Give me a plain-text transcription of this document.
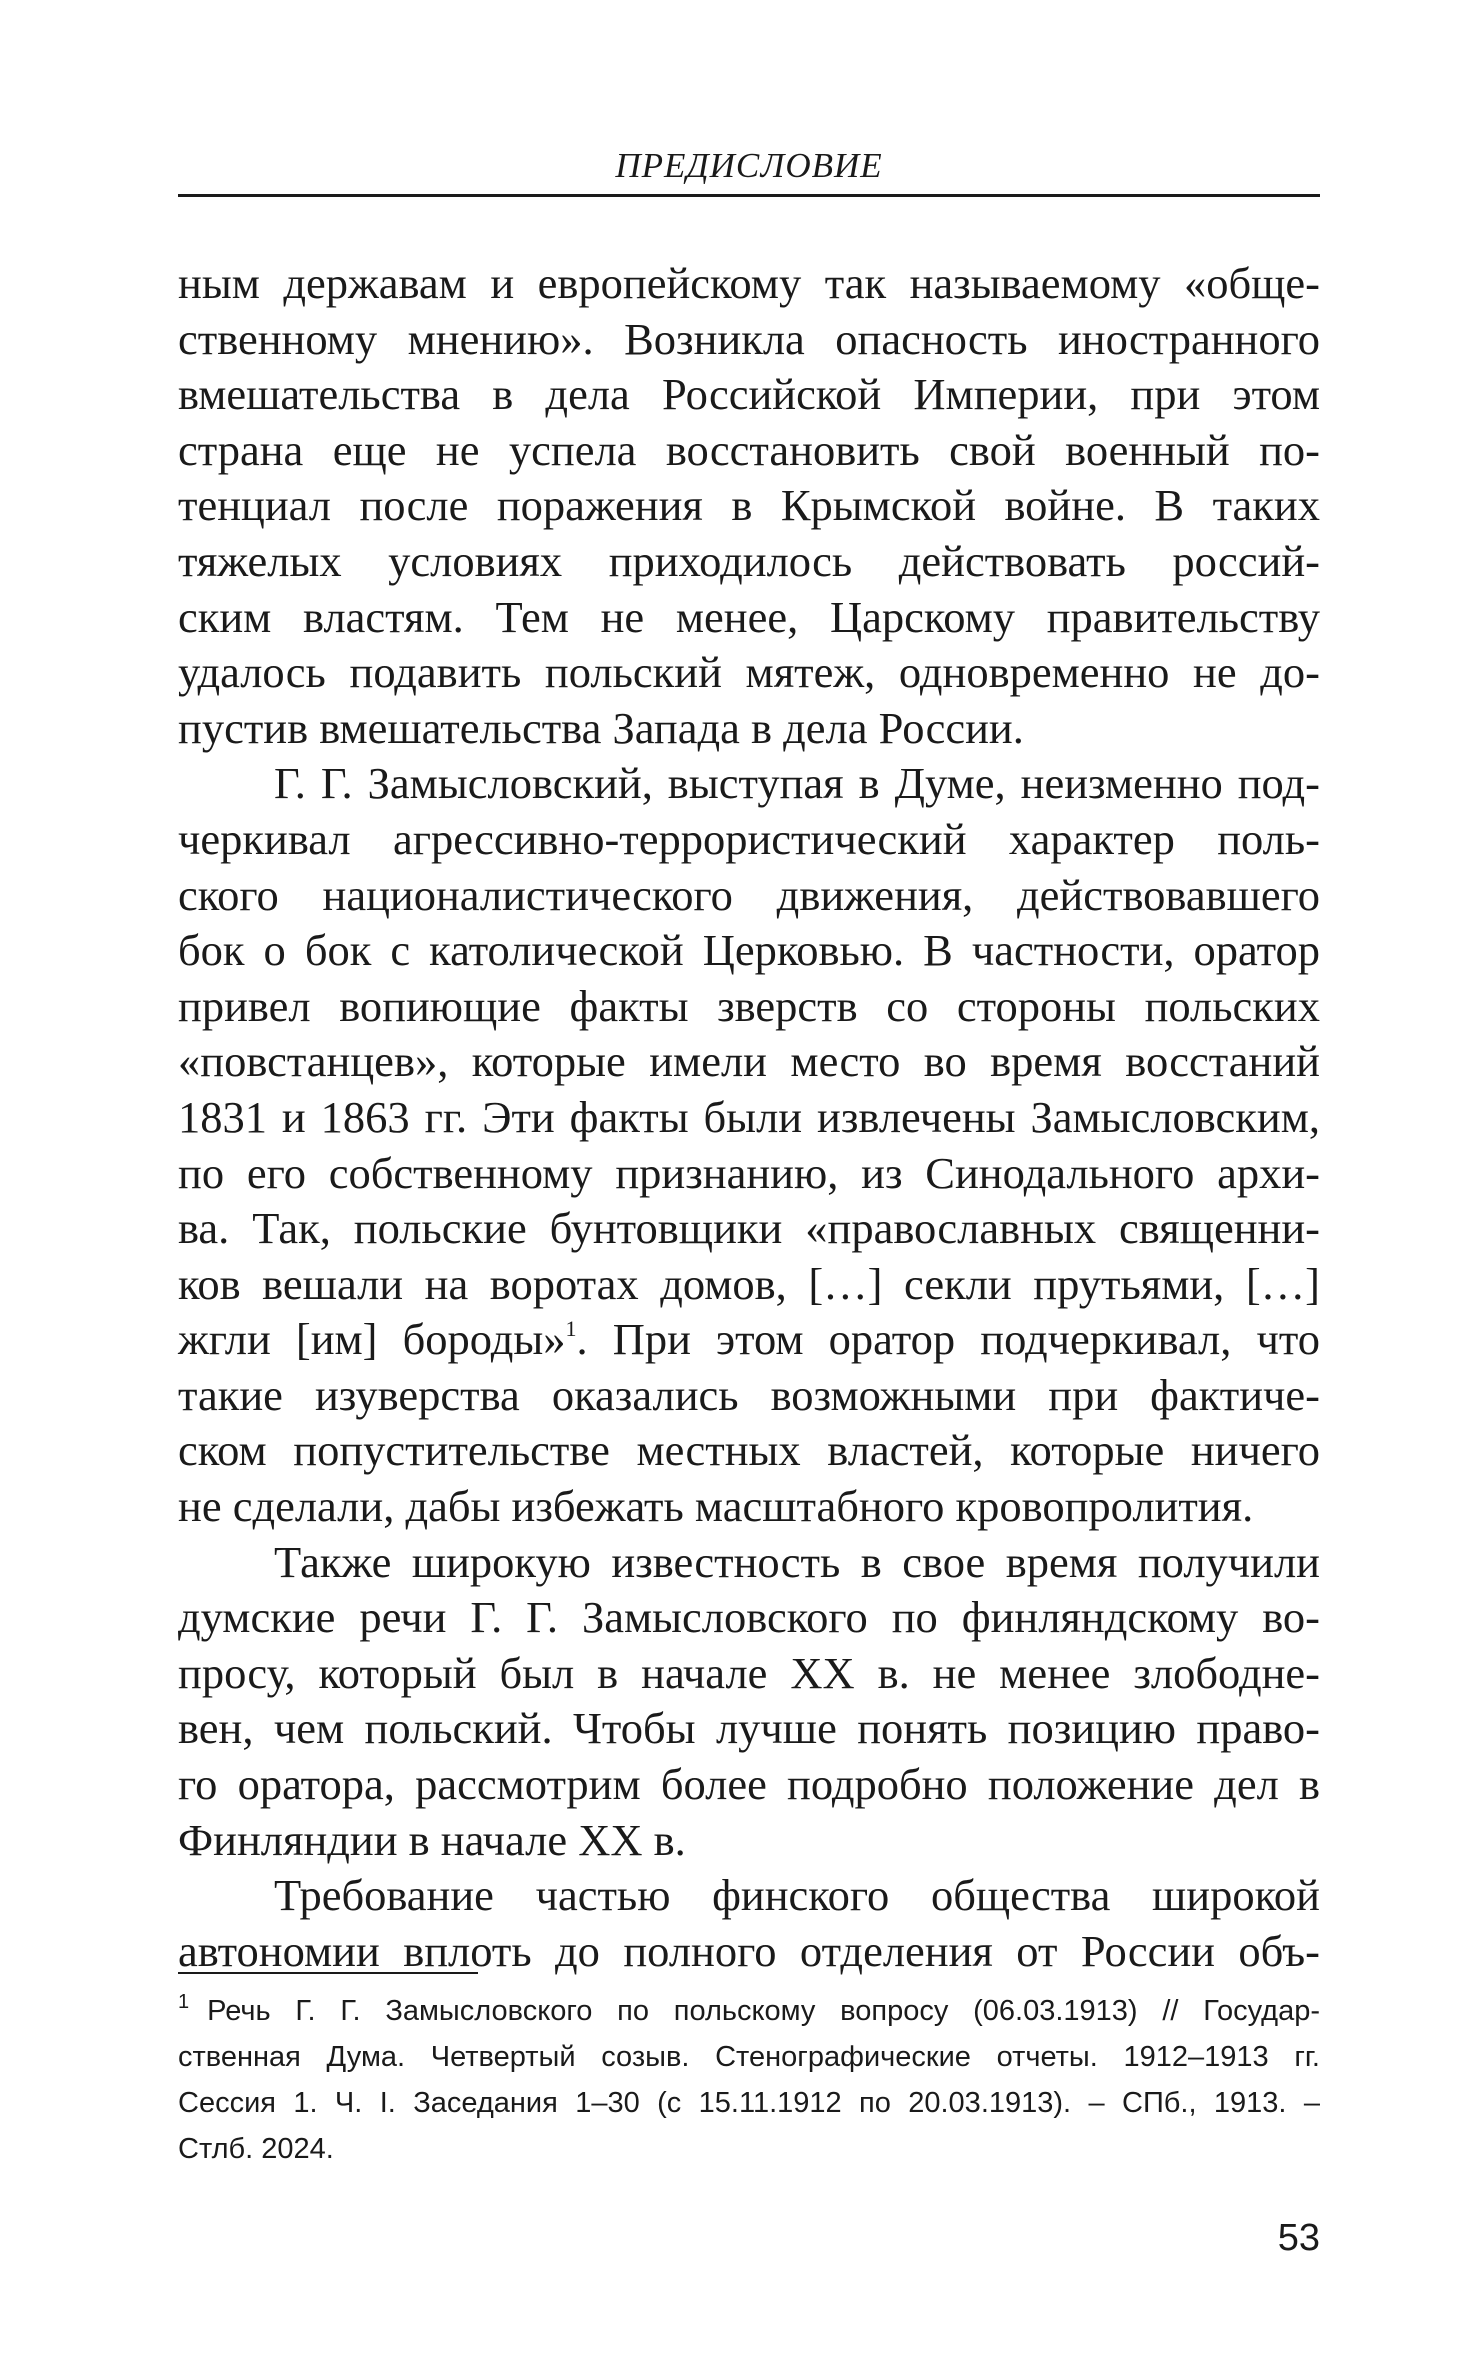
ПРЕДИСЛОВИЕ

ным державам и европейскому так называемому «обще-

ственному мнению». Возникла опасность иностранного

вмешательства в дела Российской Империи, при этом

страна еще не успела восстановить свой военный по-

тенциал после поражения в Крымской войне. В таких

тяжелых условиях приходилось действовать россий-

ским властям. Тем не менее, Царскому правительству

удалось подавить польский мятеж, одновременно не до-

пустив вмешательства Запада в дела России.

Г. Г. Замысловский, выступая в Думе, неизменно под-

черкивал агрессивно-террористический характер поль-

ского националистического движения, действовавшего

бок о бок с католической Церковью. В частности, оратор

привел вопиющие факты зверств со стороны польских

«повстанцев», которые имели место во время восстаний

1831 и 1863 гг. Эти факты были извлечены Замысловским,

по его собственному признанию, из Синодального архи-

ва. Так, польские бунтовщики «православных священни-

ков вешали на воротах домов, […] секли прутьями, […]

жгли [им] бороды»$^1$. При этом оратор подчеркивал, что

такие изуверства оказались возможными при фактиче-

ском попустительстве местных властей, которые ничего

не сделали, дабы избежать масштабного кровопролития.

Также широкую известность в свое время получили

думские речи Г. Г. Замысловского по финляндскому во-

просу, который был в начале XX в. не менее злободне-

вен, чем польский. Чтобы лучше понять позицию право-

го оратора, рассмотрим более подробно положение дел в

Финляндии в начале XX в.

Требование частью финского общества широкой

автономии вплоть до полного отделения от России объ-

$^1$ Речь Г. Г. Замысловского по польскому вопросу (06.03.1913) // Государ-

ственная Дума. Четвертый созыв. Стенографические отчеты. 1912–1913 гг.

Сессия 1. Ч. I. Заседания 1–30 (с 15.11.1912 по 20.03.1913). – СПб., 1913. –

Стлб. 2024.

53
